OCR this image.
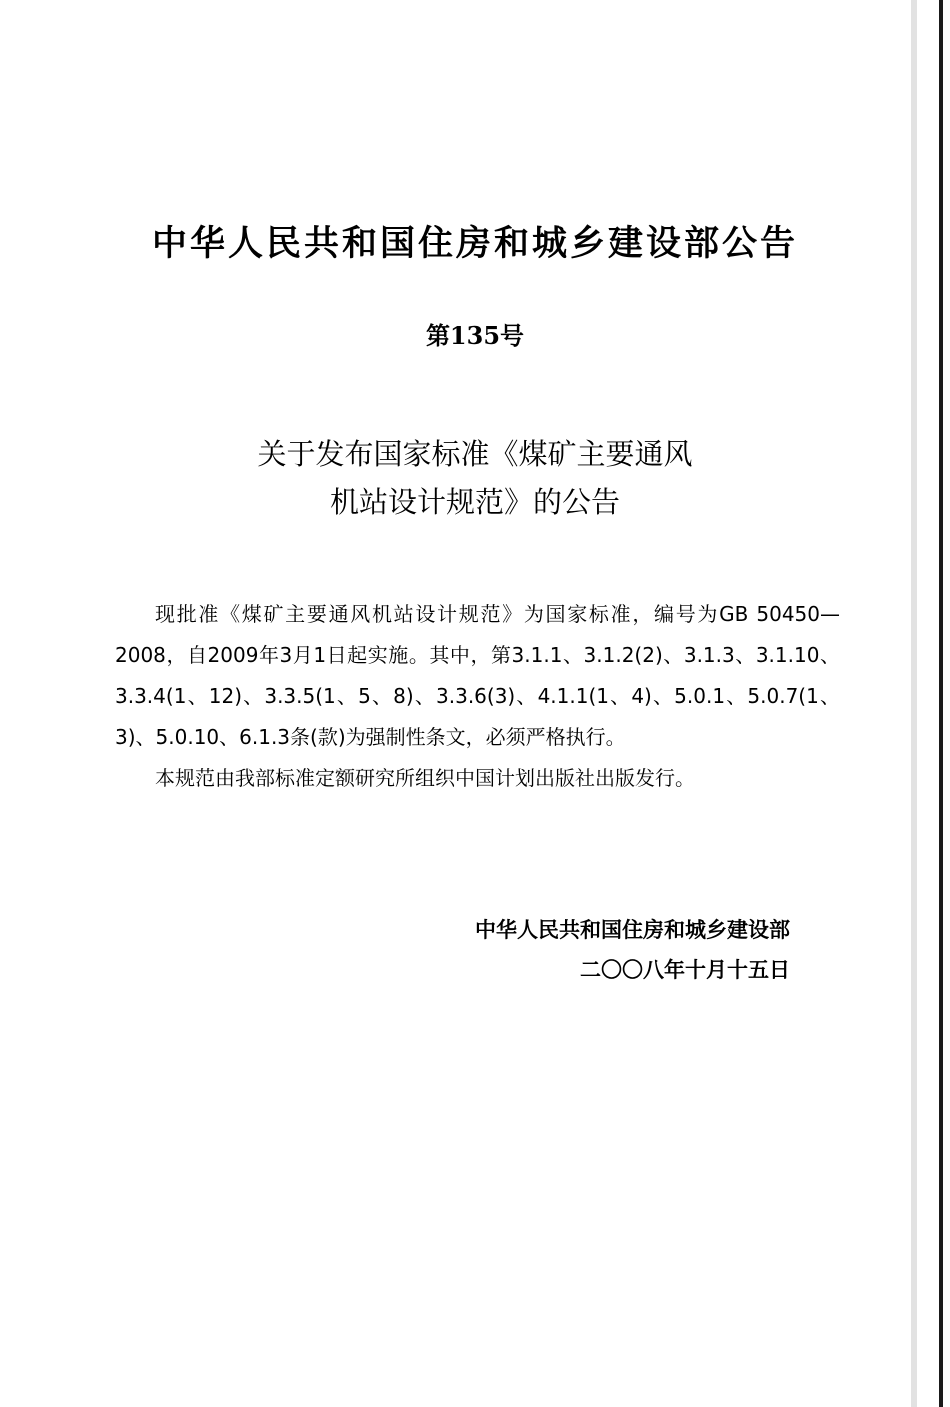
中华人民共和国住房和城乡建设部公告
第135号
关于发布国家标准《煤矿主要通风
机站设计规范》的公告

现批准《煤矿主要通风机站设计规范》为国家标准，编号为GB 50450—2008，自2009年3月1日起实施。其中，第3.1.1、3.1.2(2)、3.1.3、3.1.10、3.3.4(1、12)、3.3.5(1、5、8)、3.3.6(3)、4.1.1(1、4)、5.0.1、5.0.7(1、3)、5.0.10、6.1.3条(款)为强制性条文，必须严格执行。

本规范由我部标准定额研究所组织中国计划出版社出版发行。

中华人民共和国住房和城乡建设部
二〇〇八年十月十五日
